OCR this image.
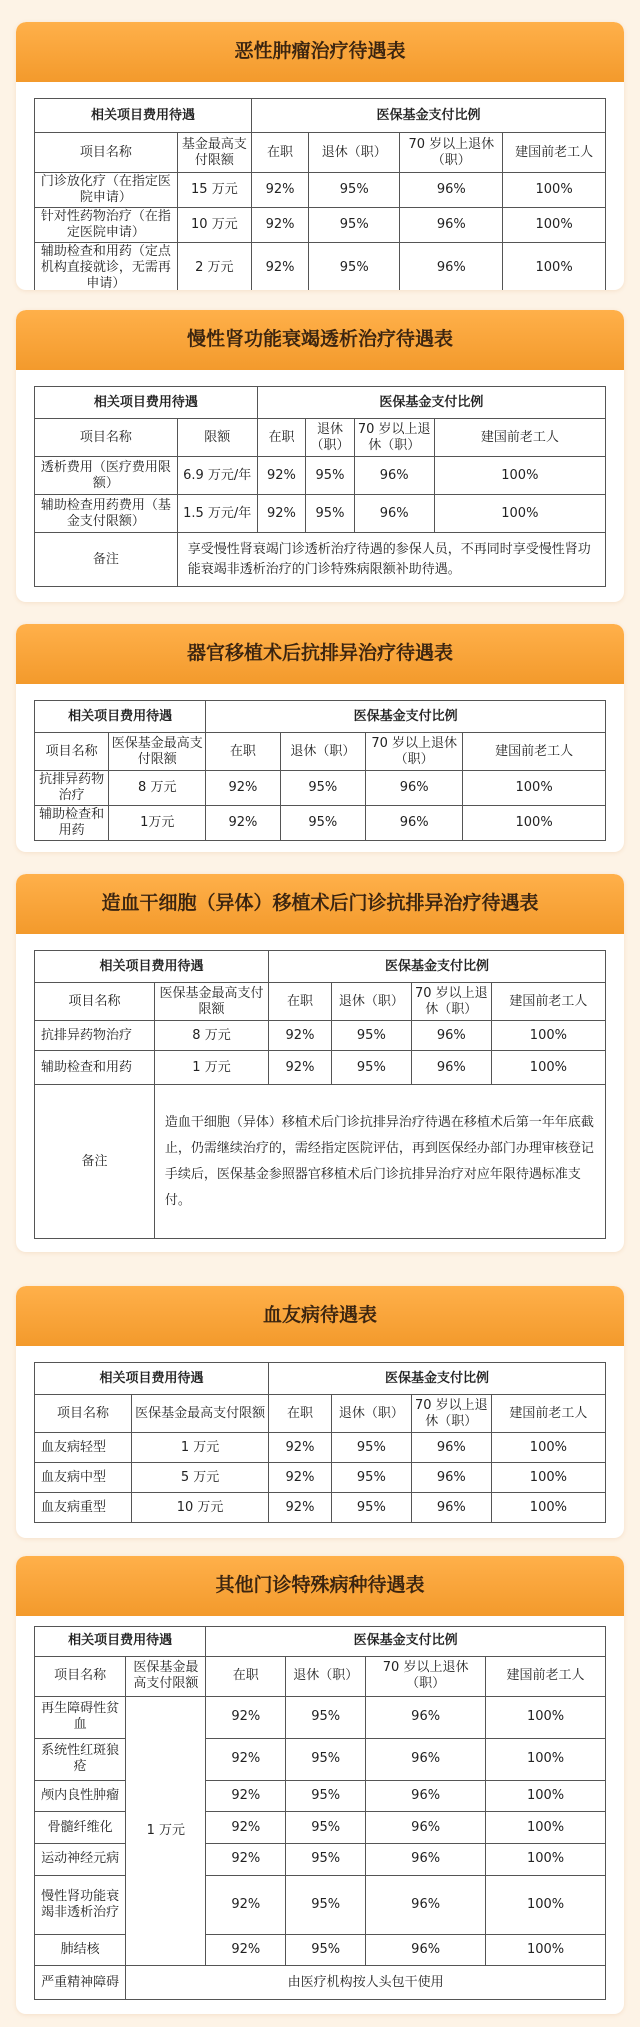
恶性肿瘤治疗待遇表
相关项目费用待遇		医保基金支付比例			
项目名称	基金最高支付限额	在职	退休（职）	70 岁以上退休（职）	建国前老工人
门诊放化疗（在指定医院申请）	15 万元	92%	95%	96%	100%
针对性药物治疗（在指定医院申请）	10 万元	92%	95%	96%	100%
辅助检查和用药（定点机构直接就诊，无需再申请）	2 万元	92%	95%	96%	100%
慢性肾功能衰竭透析治疗待遇表
相关项目费用待遇		医保基金支付比例			
项目名称	限额	在职	退休（职）	70 岁以上退休（职）	建国前老工人
透析费用（医疗费用限额）	6.9 万元/年	92%	95%	96%	100%
辅助检查用药费用（基金支付限额）	1.5 万元/年	92%	95%	96%	100%
备注	享受慢性肾衰竭门诊透析治疗待遇的参保人员，不再同时享受慢性肾功能衰竭非透析治疗的门诊特殊病限额补助待遇。				
器官移植术后抗排异治疗待遇表
相关项目费用待遇		医保基金支付比例			
项目名称	医保基金最高支付限额	在职	退休（职）	70 岁以上退休（职）	建国前老工人
抗排异药物治疗	8 万元	92%	95%	96%	100%
辅助检查和用药	1万元	92%	95%	96%	100%
造血干细胞（异体）移植术后门诊抗排异治疗待遇表
相关项目费用待遇		医保基金支付比例			
项目名称	医保基金最高支付限额	在职	退休（职）	70 岁以上退休（职）	建国前老工人
抗排异药物治疗	8 万元	92%	95%	96%	100%
辅助检查和用药	1 万元	92%	95%	96%	100%
备注	造血干细胞（异体）移植术后门诊抗排异治疗待遇在移植术后第一年年底截止，仍需继续治疗的，需经指定医院评估，再到医保经办部门办理审核登记手续后，医保基金参照器官移植术后门诊抗排异治疗对应年限待遇标准支付。				
血友病待遇表
相关项目费用待遇		医保基金支付比例			
项目名称	医保基金最高支付限额	在职	退休（职）	70 岁以上退休（职）	建国前老工人
血友病轻型	1 万元	92%	95%	96%	100%
血友病中型	5 万元	92%	95%	96%	100%
血友病重型	10 万元	92%	95%	96%	100%
其他门诊特殊病种待遇表
相关项目费用待遇		医保基金支付比例			
项目名称	医保基金最高支付限额	在职	退休（职）	70 岁以上退休（职）	建国前老工人
再生障碍性贫血	1 万元	92%	95%	96%	100%
系统性红斑狼疮		92%	95%	96%	100%
颅内良性肿瘤		92%	95%	96%	100%
骨髓纤维化		92%	95%	96%	100%
运动神经元病		92%	95%	96%	100%
慢性肾功能衰竭非透析治疗		92%	95%	96%	100%
肺结核		92%	95%	96%	100%
严重精神障碍	由医疗机构按人头包干使用				
